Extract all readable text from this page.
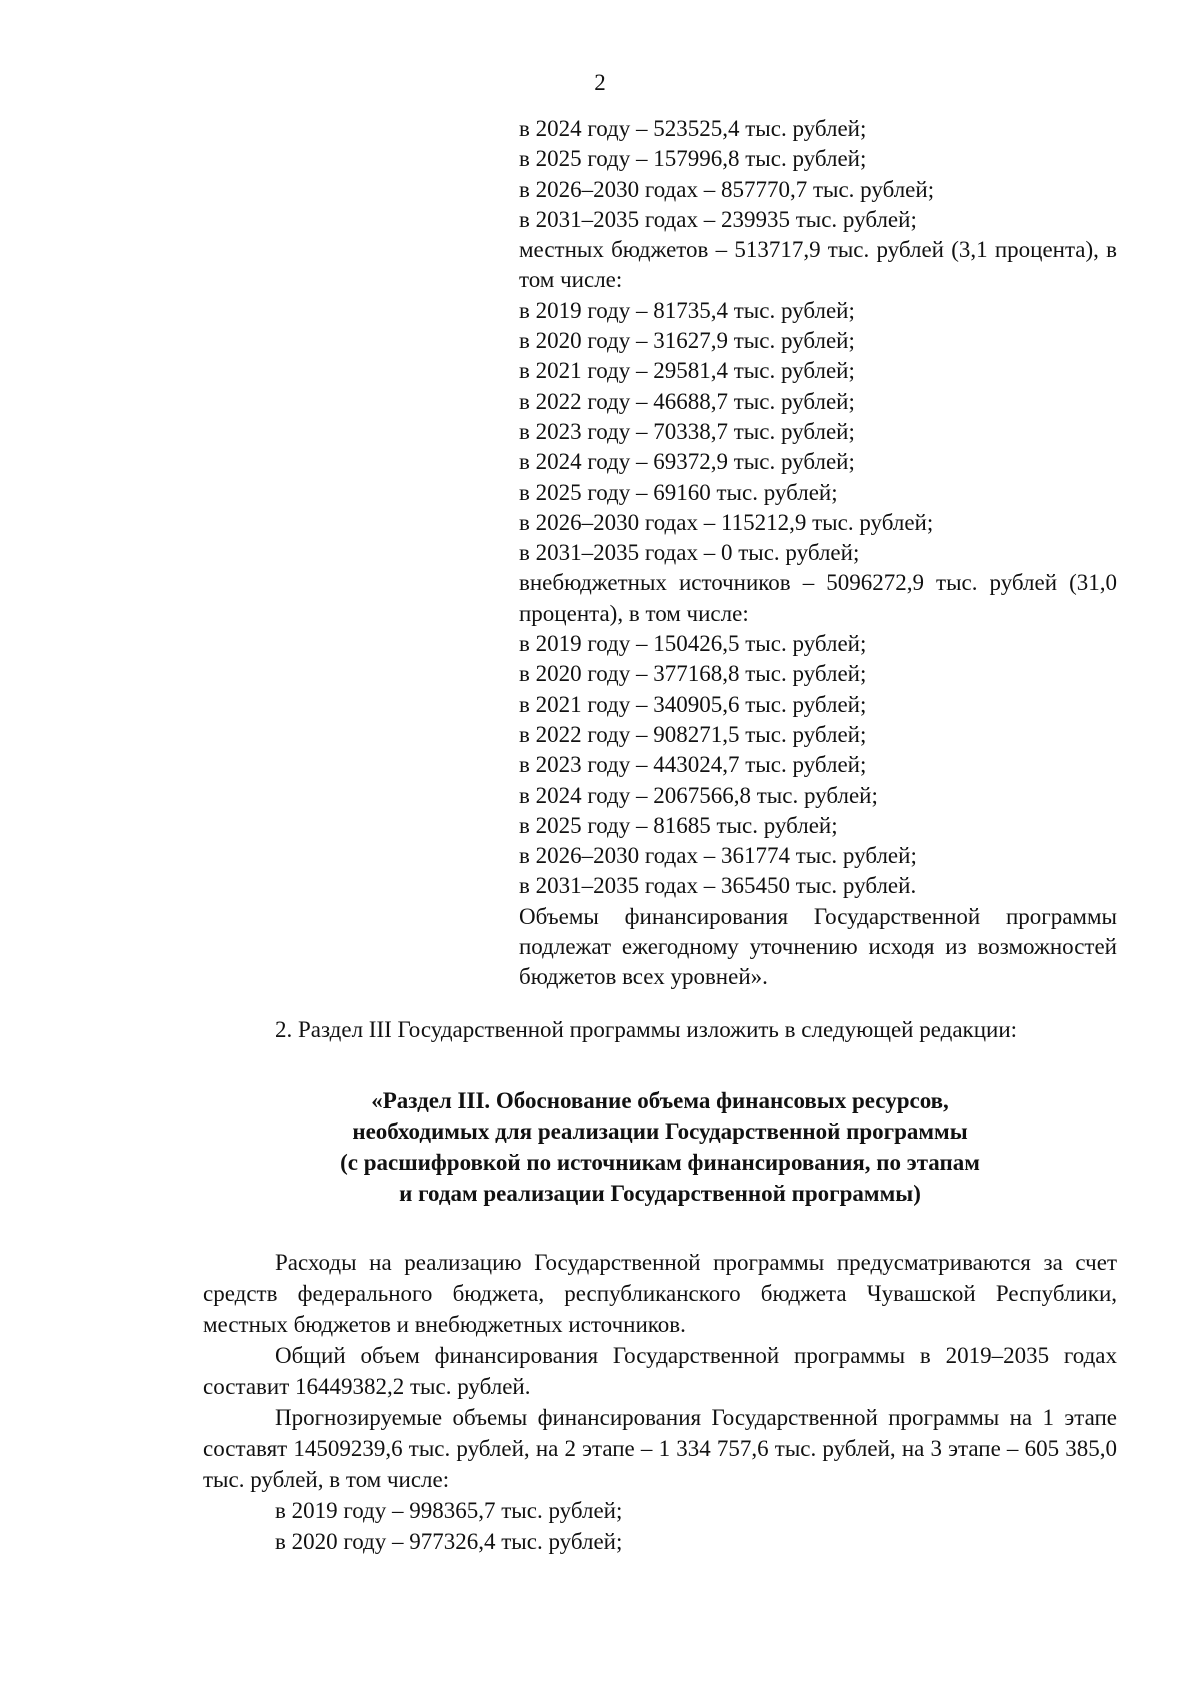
2
в 2024 году – 523525,4 тыс. рублей;
в 2025 году – 157996,8 тыс. рублей;
в 2026–2030 годах – 857770,7 тыс. рублей;
в 2031–2035 годах – 239935 тыс. рублей;
местных бюджетов – 513717,9 тыс. рублей (3,1 процента), в том числе:
в 2019 году – 81735,4 тыс. рублей;
в 2020 году – 31627,9 тыс. рублей;
в 2021 году – 29581,4 тыс. рублей;
в 2022 году – 46688,7 тыс. рублей;
в 2023 году – 70338,7 тыс. рублей;
в 2024 году – 69372,9 тыс. рублей;
в 2025 году – 69160 тыс. рублей;
в 2026–2030 годах – 115212,9 тыс. рублей;
в 2031–2035 годах – 0 тыс. рублей;
внебюджетных источников – 5096272,9 тыс. рублей (31,0 процента), в том числе:
в 2019 году – 150426,5 тыс. рублей;
в 2020 году – 377168,8 тыс. рублей;
в 2021 году – 340905,6 тыс. рублей;
в 2022 году – 908271,5 тыс. рублей;
в 2023 году – 443024,7 тыс. рублей;
в 2024 году – 2067566,8 тыс. рублей;
в 2025 году – 81685 тыс. рублей;
в 2026–2030 годах – 361774 тыс. рублей;
в 2031–2035 годах – 365450 тыс. рублей.
Объемы финансирования Государственной программы подлежат ежегодному уточнению исходя из возможностей бюджетов всех уровней».

2. Раздел III Государственной программы изложить в следующей редакции:

«Раздел III. Обоснование объема финансовых ресурсов,
необходимых для реализации Государственной программы
(с расшифровкой по источникам финансирования, по этапам
и годам реализации Государственной программы)

Расходы на реализацию Государственной программы предусматриваются за счет средств федерального бюджета, республиканского бюджета Чувашской Республики, местных бюджетов и внебюджетных источников.

Общий объем финансирования Государственной программы в 2019–2035 годах составит 16449382,2 тыс. рублей.

Прогнозируемые объемы финансирования Государственной программы на 1 этапе составят 14509239,6 тыс. рублей, на 2 этапе – 1 334 757,6 тыс. рублей, на 3 этапе – 605 385,0 тыс. рублей, в том числе:

в 2019 году – 998365,7 тыс. рублей;
в 2020 году – 977326,4 тыс. рублей;
